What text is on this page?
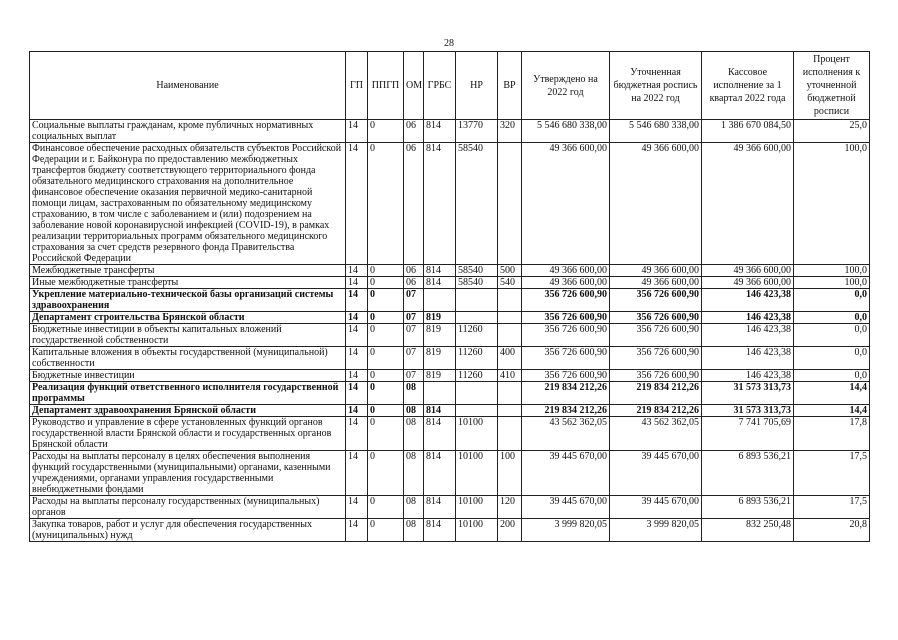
28
Наименование	ГП	ППГП	ОМ	ГРБС	НР	ВР	Утверждено на 2022 год	Уточненная бюджетная роспись на 2022 год	Кассовое исполнение за 1 квартал 2022 года	Процент исполнения к уточненной бюджетной росписи
Социальные выплаты гражданам, кроме публичных нормативных социальных выплат	14	0	06	814	13770	320	5 546 680 338,00	5 546 680 338,00	1 386 670 084,50	25,0
Финансовое обеспечение расходных обязательств субъектов Российской Федерации и г. Байконура по предоставлению межбюджетных трансфертов бюджету соответствующего территориального фонда обязательного медицинского страхования на дополнительное финансовое обеспечение оказания первичной медико-санитарной помощи лицам, застрахованным по обязательному медицинскому страхованию, в том числе с заболеванием и (или) подозрением на заболевание новой коронавирусной инфекцией (COVID-19), в рамках реализации территориальных программ обязательного медицинского страхования за счет средств резервного фонда Правительства Российской Федерации	14	0	06	814	58540		49 366 600,00	49 366 600,00	49 366 600,00	100,0
Межбюджетные трансферты	14	0	06	814	58540	500	49 366 600,00	49 366 600,00	49 366 600,00	100,0
Иные межбюджетные трансферты	14	0	06	814	58540	540	49 366 600,00	49 366 600,00	49 366 600,00	100,0
Укрепление материально-технической базы организаций системы здравоохранения	14	0	07				356 726 600,90	356 726 600,90	146 423,38	0,0
Департамент строительства Брянской области	14	0	07	819			356 726 600,90	356 726 600,90	146 423,38	0,0
Бюджетные инвестиции в объекты капитальных вложений государственной собственности	14	0	07	819	11260		356 726 600,90	356 726 600,90	146 423,38	0,0
Капитальные вложения в объекты государственной (муниципальной) собственности	14	0	07	819	11260	400	356 726 600,90	356 726 600,90	146 423,38	0,0
Бюджетные инвестиции	14	0	07	819	11260	410	356 726 600,90	356 726 600,90	146 423,38	0,0
Реализация функций ответственного исполнителя государственной программы	14	0	08				219 834 212,26	219 834 212,26	31 573 313,73	14,4
Департамент здравоохранения Брянской области	14	0	08	814			219 834 212,26	219 834 212,26	31 573 313,73	14,4
Руководство и управление в сфере установленных функций органов государственной власти Брянской области и государственных органов Брянской области	14	0	08	814	10100		43 562 362,05	43 562 362,05	7 741 705,69	17,8
Расходы на выплаты персоналу в целях обеспечения выполнения функций государственными (муниципальными) органами, казенными учреждениями, органами управления государственными внебюджетными фондами	14	0	08	814	10100	100	39 445 670,00	39 445 670,00	6 893 536,21	17,5
Расходы на выплаты персоналу государственных (муниципальных) органов	14	0	08	814	10100	120	39 445 670,00	39 445 670,00	6 893 536,21	17,5
Закупка товаров, работ и услуг для обеспечения государственных (муниципальных) нужд	14	0	08	814	10100	200	3 999 820,05	3 999 820,05	832 250,48	20,8
